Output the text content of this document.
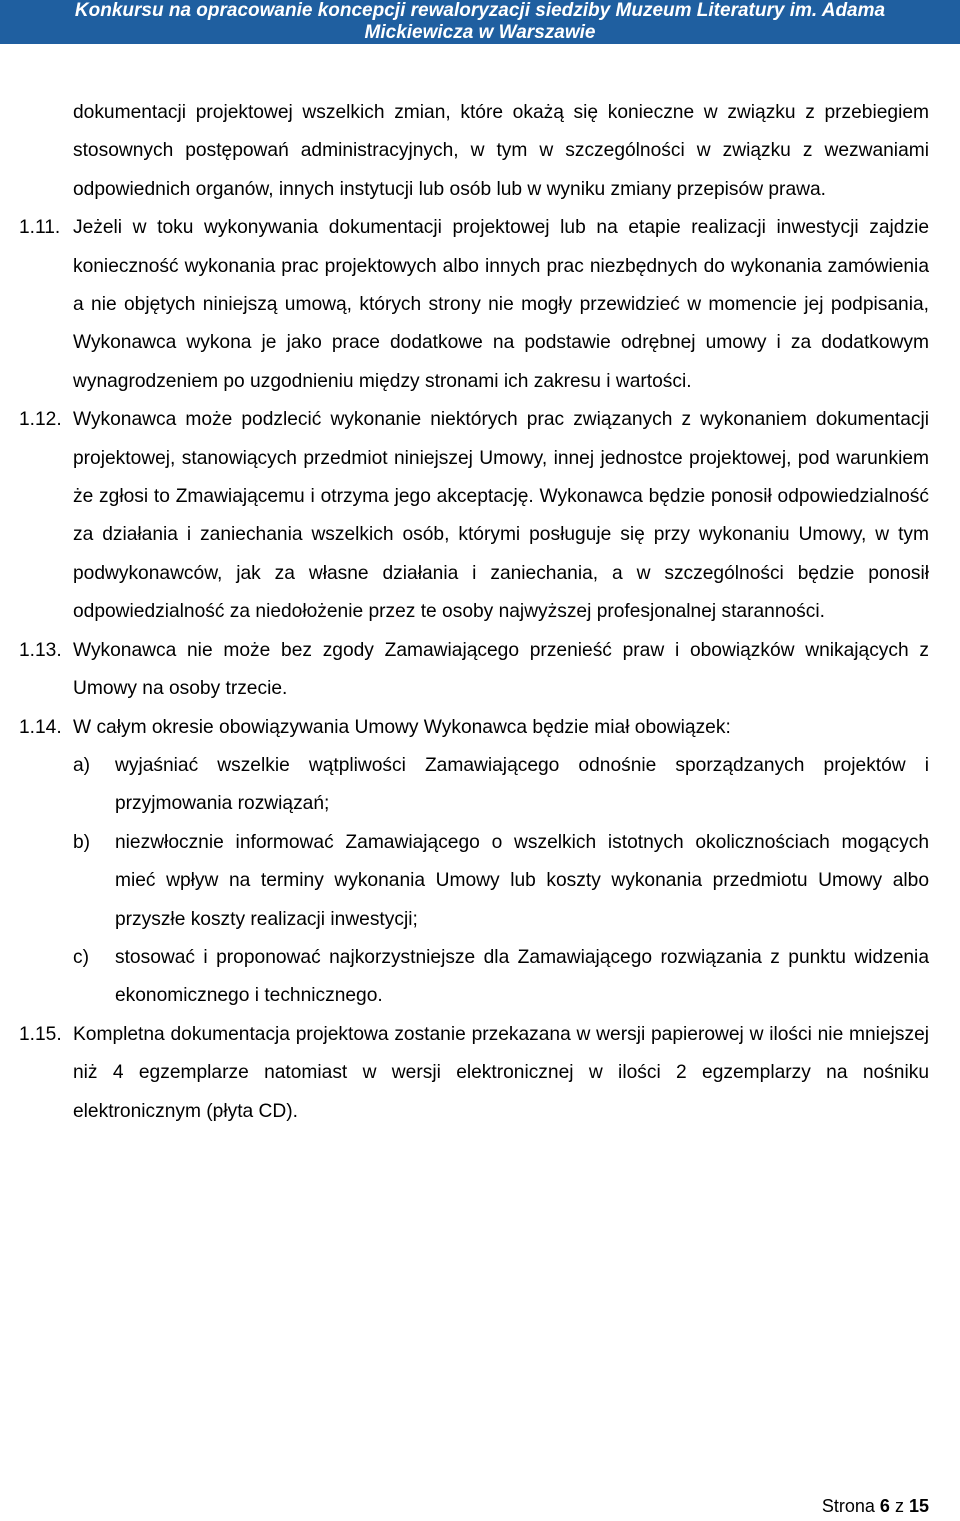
Konkursu na opracowanie koncepcji rewaloryzacji siedziby Muzeum Literatury im. Adama
Mickiewicza w Warszawie

dokumentacji projektowej wszelkich zmian, które okażą się konieczne w związku z przebiegiem stosownych postępowań administracyjnych, w tym w szczególności w związku z wezwaniami odpowiednich organów, innych instytucji lub osób lub w wyniku zmiany przepisów prawa.

1.11. Jeżeli w toku wykonywania dokumentacji projektowej lub na etapie realizacji inwestycji zajdzie konieczność wykonania prac projektowych albo innych prac niezbędnych do wykonania zamówienia a nie objętych niniejszą umową, których strony nie mogły przewidzieć w momencie jej podpisania, Wykonawca wykona je jako prace dodatkowe na podstawie odrębnej umowy i za dodatkowym wynagrodzeniem po uzgodnieniu między stronami ich zakresu i wartości.
1.12. Wykonawca może podzlecić wykonanie niektórych prac związanych z wykonaniem dokumentacji projektowej, stanowiących przedmiot niniejszej Umowy, innej jednostce projektowej, pod warunkiem że zgłosi to Zmawiającemu i otrzyma jego akceptację. Wykonawca będzie ponosił odpowiedzialność za działania i zaniechania wszelkich osób, którymi posługuje się przy wykonaniu Umowy, w tym podwykonawców, jak za własne działania i zaniechania, a w szczególności będzie ponosił odpowiedzialność za niedołożenie przez te osoby najwyższej profesjonalnej staranności.
1.13. Wykonawca nie może bez zgody Zamawiającego przenieść praw i obowiązków wnikających z Umowy na osoby trzecie.
1.14. W całym okresie obowiązywania Umowy Wykonawca będzie miał obowiązek:
a)	wyjaśniać wszelkie wątpliwości Zamawiającego odnośnie sporządzanych projektów i przyjmowania rozwiązań;
b)	niezwłocznie informować Zamawiającego o wszelkich istotnych okolicznościach mogących mieć wpływ na terminy wykonania Umowy lub koszty wykonania przedmiotu Umowy albo przyszłe koszty realizacji inwestycji;
c)	stosować i proponować najkorzystniejsze dla Zamawiającego rozwiązania z punktu widzenia ekonomicznego i technicznego.
1.15. Kompletna dokumentacja projektowa zostanie przekazana w wersji papierowej w ilości nie mniejszej niż 4 egzemplarze natomiast w wersji elektronicznej w ilości 2 egzemplarzy na nośniku elektronicznym (płyta CD).
Strona 6 z 15
